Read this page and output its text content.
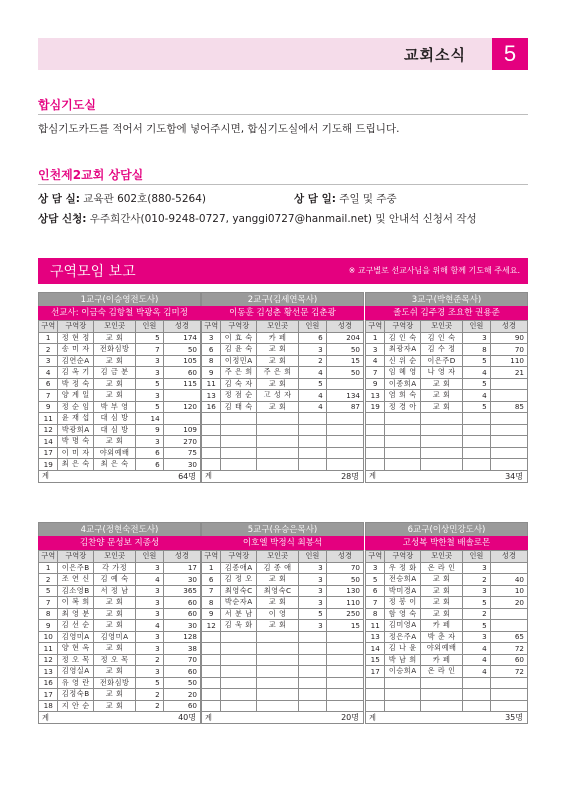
교회소식	5
합심기도실
합심기도카드를 적어서 기도함에 넣어주시면, 합심기도실에서 기도해 드립니다.
인천제2교회 상담실
상 담 실: 교육관 602호(880-5264)	상 담 일: 주일 및 주중
상담 신청: 우주희간사(010-9248-0727, yanggi0727@hanmail.net) 및 안내석 신청서 작성
구역모임 보고	※ 교구별로 선교사님을 위해 함께 기도해 주세요.
1교구(이승영전도사)
선교사: 이금숙 김항철 박광옥 김미정
구역	구역장	모인곳	인원	성경
1	정 현 정	교 회	5	174
2	송 미 자	전화심방	7	50
3	김연순A	교 회	3	105
4	김 옥 기	김 금 분	3	60
6	박 정 숙	교 회	5	115
7	양 계 일	교 회	3	
9	정 순 임	박 부 영	5	120
11	윤 재 섭	대 심 방	14	
12	박광희A	대 심 방	9	109
14	박 명 숙	교 회	3	270
17	이 미 자	야외예배	6	75
19	최 은 숙	최 은 숙	6	30
계	64명			
2교구(김세연목사)
이동훈 김성춘 황선문 김춘광
구역	구역장	모인곳	인원	성경
3	이 효 숙	카 페	6	204
6	김 윤 숙	교 회	3	50
8	이정민A	교 회	2	15
9	주 은 희	주 은 희	4	50
11	김 숙 자	교 회	5	
13	정 점 순	고 성 자	4	134
16	김 태 숙	교 회	4	87

계	28명			
3교구(박현준목사)
졸도쉬 김주경 조요한 권용준
구역	구역장	모인곳	인원	성경
1	김 인 숙	김 인 숙	3	90
3	최광자A	김 수 정	8	70
4	신 위 순	이은주D	5	110
7	임 혜 영	나 영 자	4	21
9	이종희A	교 회	5	
13	염 희 숙	교 회	4	
19	정 경 아	교 회	5	85

계	34명			
4교구(정현숙전도사)
김찬양 문성보 지종성
구역	구역장	모인곳	인원	성경
1	이은주B	각 가정	3	17
2	조 연 신	김 예 숙	4	30
5	김소영B	서 정 남	3	365
7	이 복 희	교 회	3	60
8	최 영 분	교 회	3	60
9	김 선 순	교 회	4	30
10	김영미A	김영미A	3	128
11	양 현 옥	교 회	3	38
12	정 오 목	정 오 목	2	70
13	김영실A	교 회	3	60
16	유 영 란	전화심방	5	50
17	김정숙B	교 회	2	20
18	지 안 순	교 회	2	60
계	40명			
5교구(유승은목사)
이호엘 박정식 최봉석
구역	구역장	모인곳	인원	성경
1	김종애A	김 종 애	3	70
6	김 정 오	교 회	3	50
7	최영숙C	최영숙C	3	130
8	박순자A	교 회	3	110
9	서 분 남	이 영	5	250
12	김 욱 화	교 회	3	15

계	20명			
6교구(이상민강도사)
고성복 박한철 배솔로몬
구역	구역장	모인곳	인원	성경
3	우 정 화	온 라 인	3	
5	전승희A	교 회	2	40
6	박미경A	교 회	3	10
7	정 봉 이	교 회	5	20
8	함 영 숙	교 회	2	
11	김미영A	카 페	5	
13	정은주A	박 춘 자	3	65
14	김 나 윤	야외예배	4	72
15	박 남 희	카 페	4	60
17	이승희A	온 라 인	4	72

계	35명			
